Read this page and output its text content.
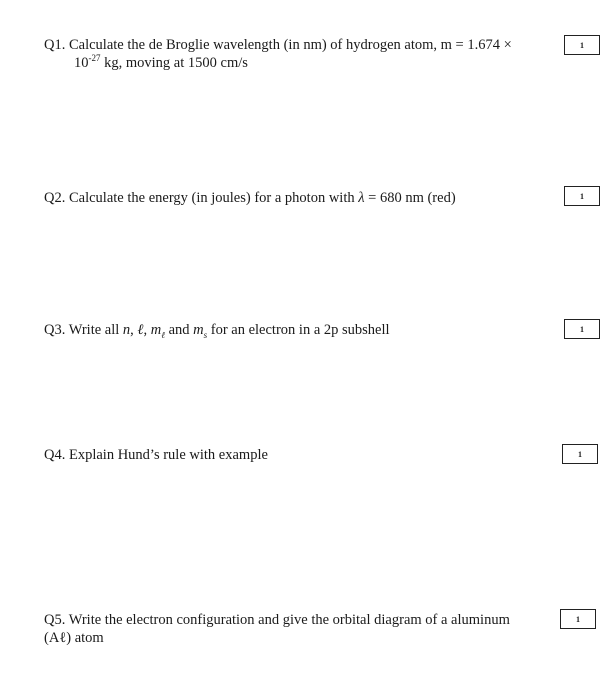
Q1. Calculate the de Broglie wavelength (in nm) of hydrogen atom, m = 1.674 ×
$10^{-27}$ kg, moving at 1500 cm/s
1
Q2. Calculate the energy (in joules) for a photon with λ = 680 nm (red)	1
Q3. Write all n, ℓ, $m_\ell$ and $m_s$ for an electron in a 2p subshell	1
Q4. Explain Hund’s rule with example	1
Q5. Write the electron configuration and give the orbital diagram of a aluminum
(Aℓ) atom
1
